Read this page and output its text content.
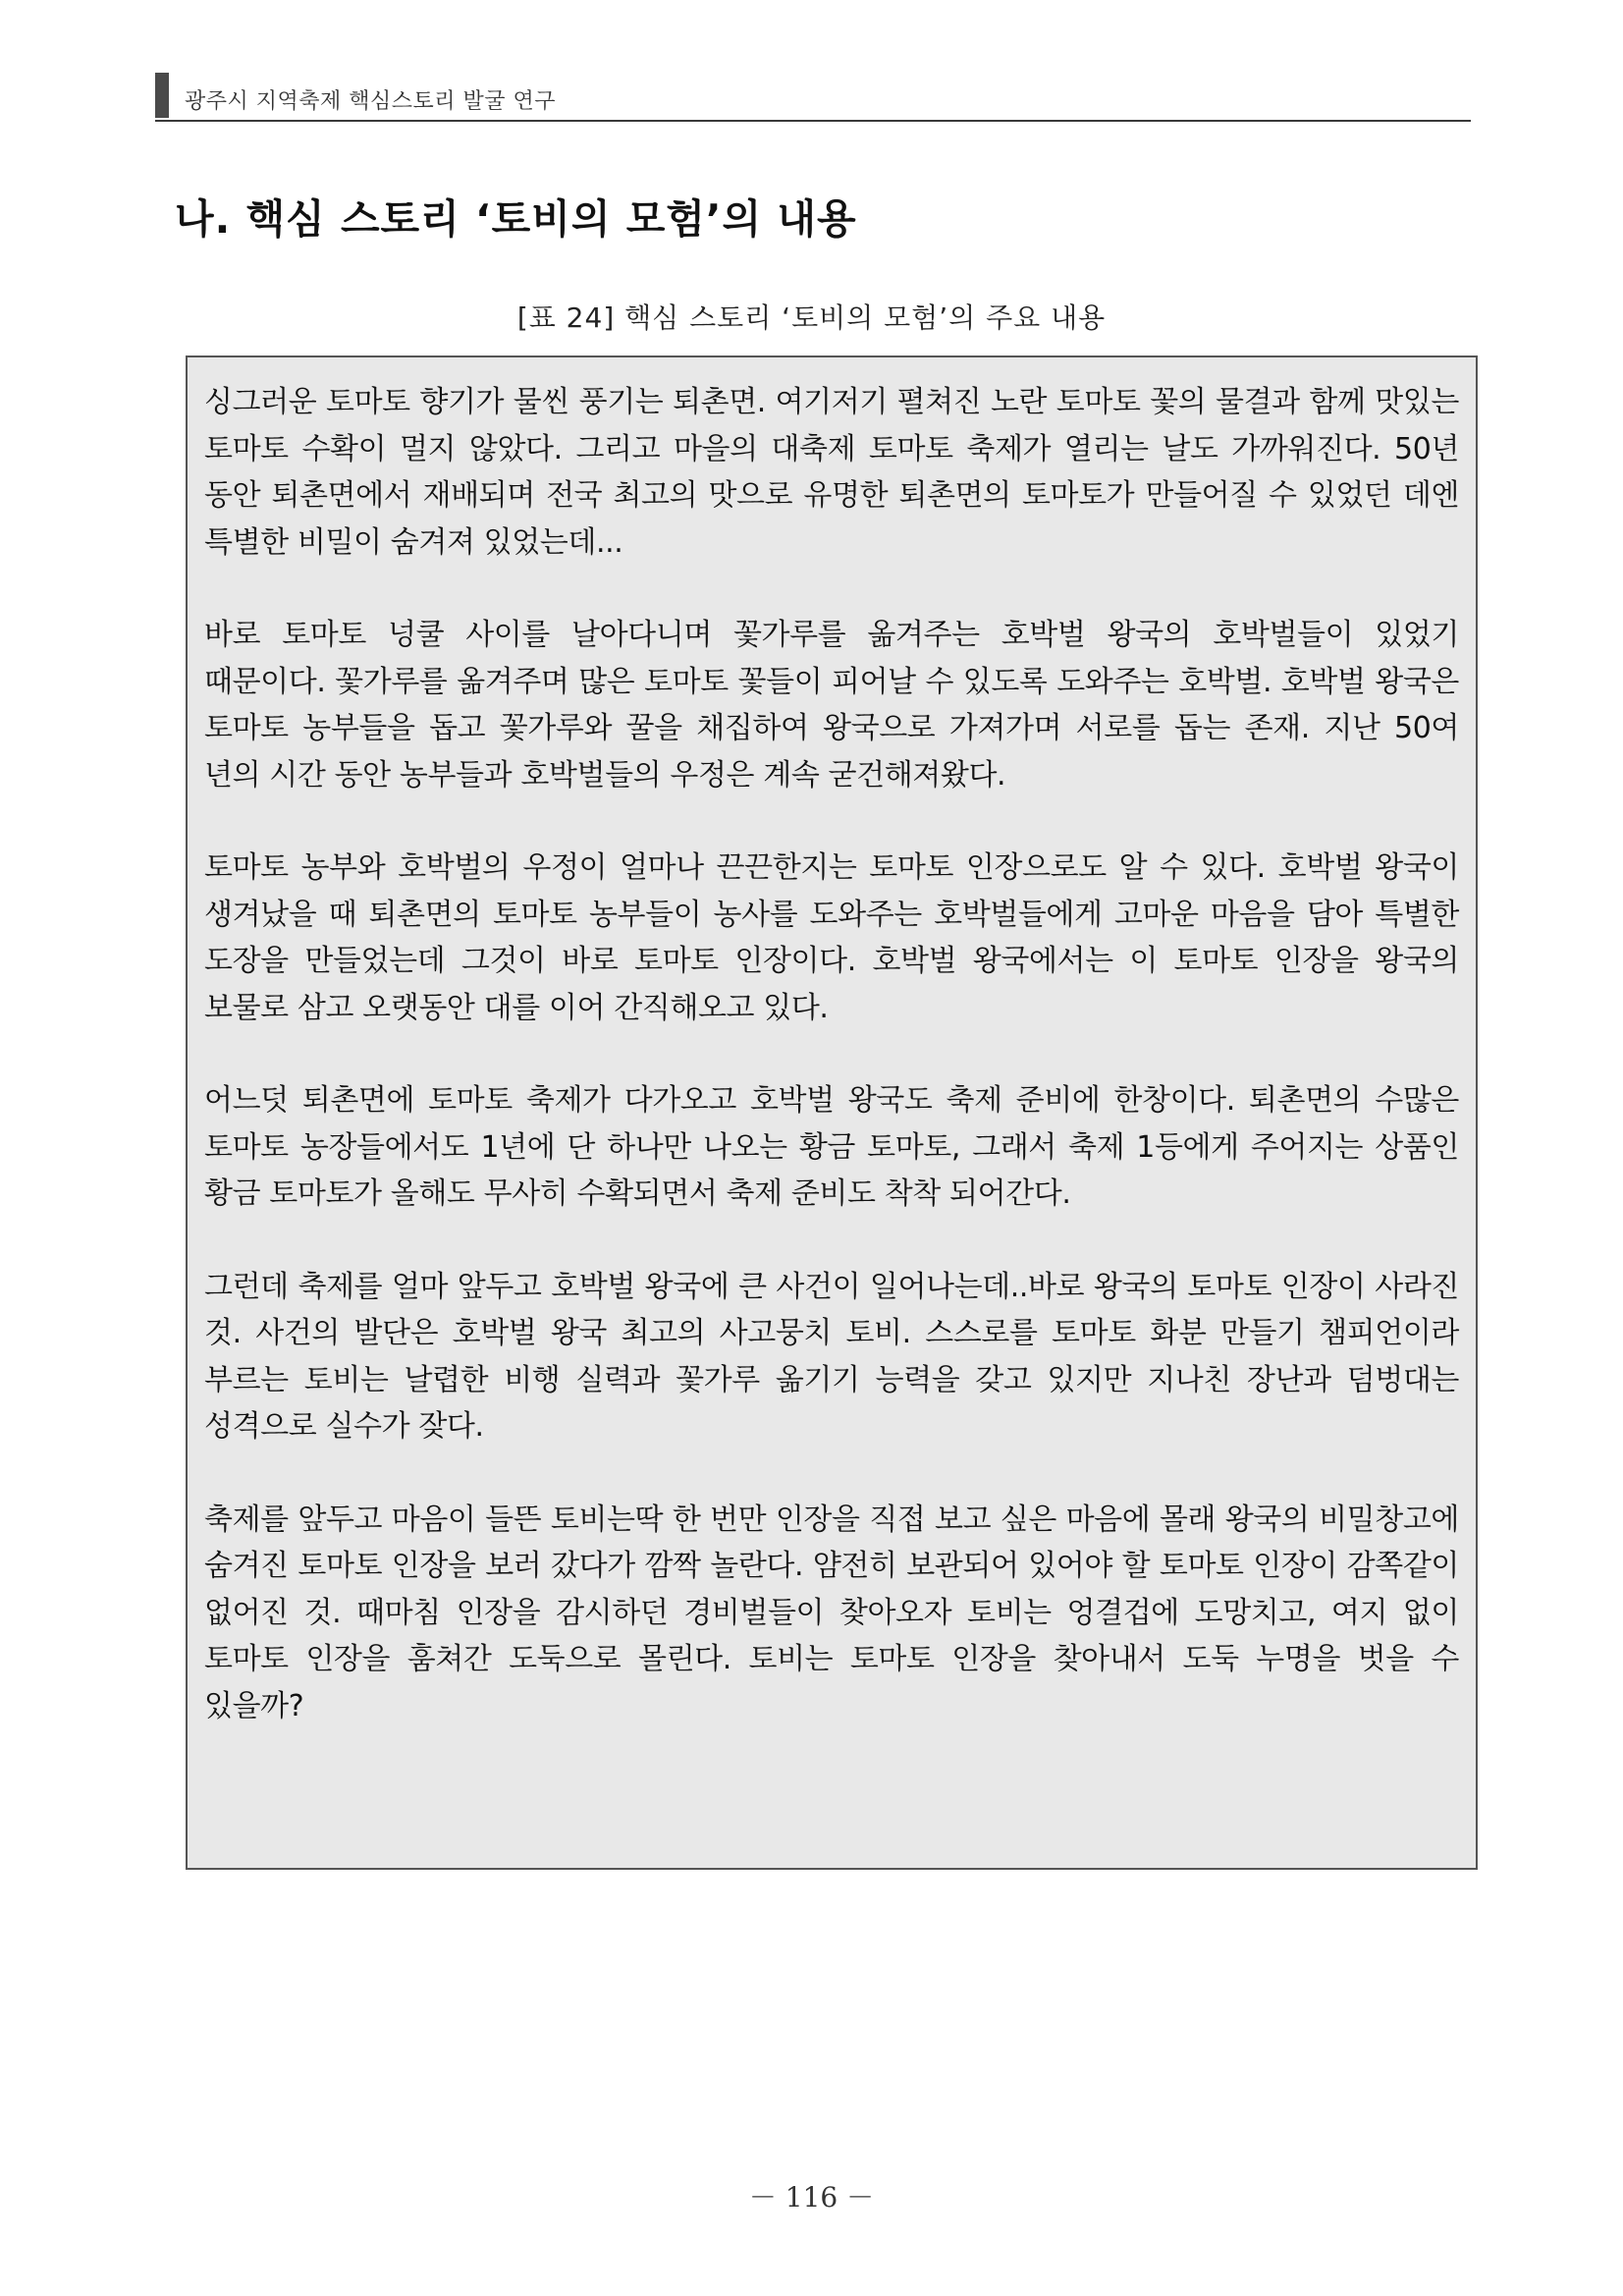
광주시 지역축제 핵심스토리 발굴 연구
나. 핵심 스토리 ‘토비의 모험’의 내용
[표 24] 핵심 스토리 ‘토비의 모험’의 주요 내용

싱그러운 토마토 향기가 물씬 풍기는 퇴촌면. 여기저기 펼쳐진 노란 토마토 꽃의 물결과 함께 맛있는 토마토 수확이 멀지 않았다. 그리고 마을의 대축제 토마토 축제가 열리는 날도 가까워진다. 50년 동안 퇴촌면에서 재배되며 전국 최고의 맛으로 유명한 퇴촌면의 토마토가 만들어질 수 있었던 데엔 특별한 비밀이 숨겨져 있었는데...

바로 토마토 넝쿨 사이를 날아다니며 꽃가루를 옮겨주는 호박벌 왕국의 호박벌들이 있었기 때문이다. 꽃가루를 옮겨주며 많은 토마토 꽃들이 피어날 수 있도록 도와주는 호박벌. 호박벌 왕국은 토마토 농부들을 돕고 꽃가루와 꿀을 채집하여 왕국으로 가져가며 서로를 돕는 존재. 지난 50여 년의 시간 동안 농부들과 호박벌들의 우정은 계속 굳건해져왔다.

토마토 농부와 호박벌의 우정이 얼마나 끈끈한지는 토마토 인장으로도 알 수 있다. 호박벌 왕국이 생겨났을 때 퇴촌면의 토마토 농부들이 농사를 도와주는 호박벌들에게 고마운 마음을 담아 특별한 도장을 만들었는데 그것이 바로 토마토 인장이다. 호박벌 왕국에서는 이 토마토 인장을 왕국의 보물로 삼고 오랫동안 대를 이어 간직해오고 있다.

어느덧 퇴촌면에 토마토 축제가 다가오고 호박벌 왕국도 축제 준비에 한창이다. 퇴촌면의 수많은 토마토 농장들에서도 1년에 단 하나만 나오는 황금 토마토, 그래서 축제 1등에게 주어지는 상품인 황금 토마토가 올해도 무사히 수확되면서 축제 준비도 착착 되어간다.

그런데 축제를 얼마 앞두고 호박벌 왕국에 큰 사건이 일어나는데..바로 왕국의 토마토 인장이 사라진 것. 사건의 발단은 호박벌 왕국 최고의 사고뭉치 토비. 스스로를 토마토 화분 만들기 챔피언이라 부르는 토비는 날렵한 비행 실력과 꽃가루 옮기기 능력을 갖고 있지만 지나친 장난과 덤벙대는 성격으로 실수가 잦다.

축제를 앞두고 마음이 들뜬 토비는딱 한 번만 인장을 직접 보고 싶은 마음에 몰래 왕국의 비밀창고에 숨겨진 토마토 인장을 보러 갔다가 깜짝 놀란다. 얌전히 보관되어 있어야 할 토마토 인장이 감쪽같이 없어진 것. 때마침 인장을 감시하던 경비벌들이 찾아오자 토비는 엉결겁에 도망치고, 여지 없이 토마토 인장을 훔쳐간 도둑으로 몰린다. 토비는 토마토 인장을 찾아내서 도둑 누명을 벗을 수 있을까?

－ 116 －
